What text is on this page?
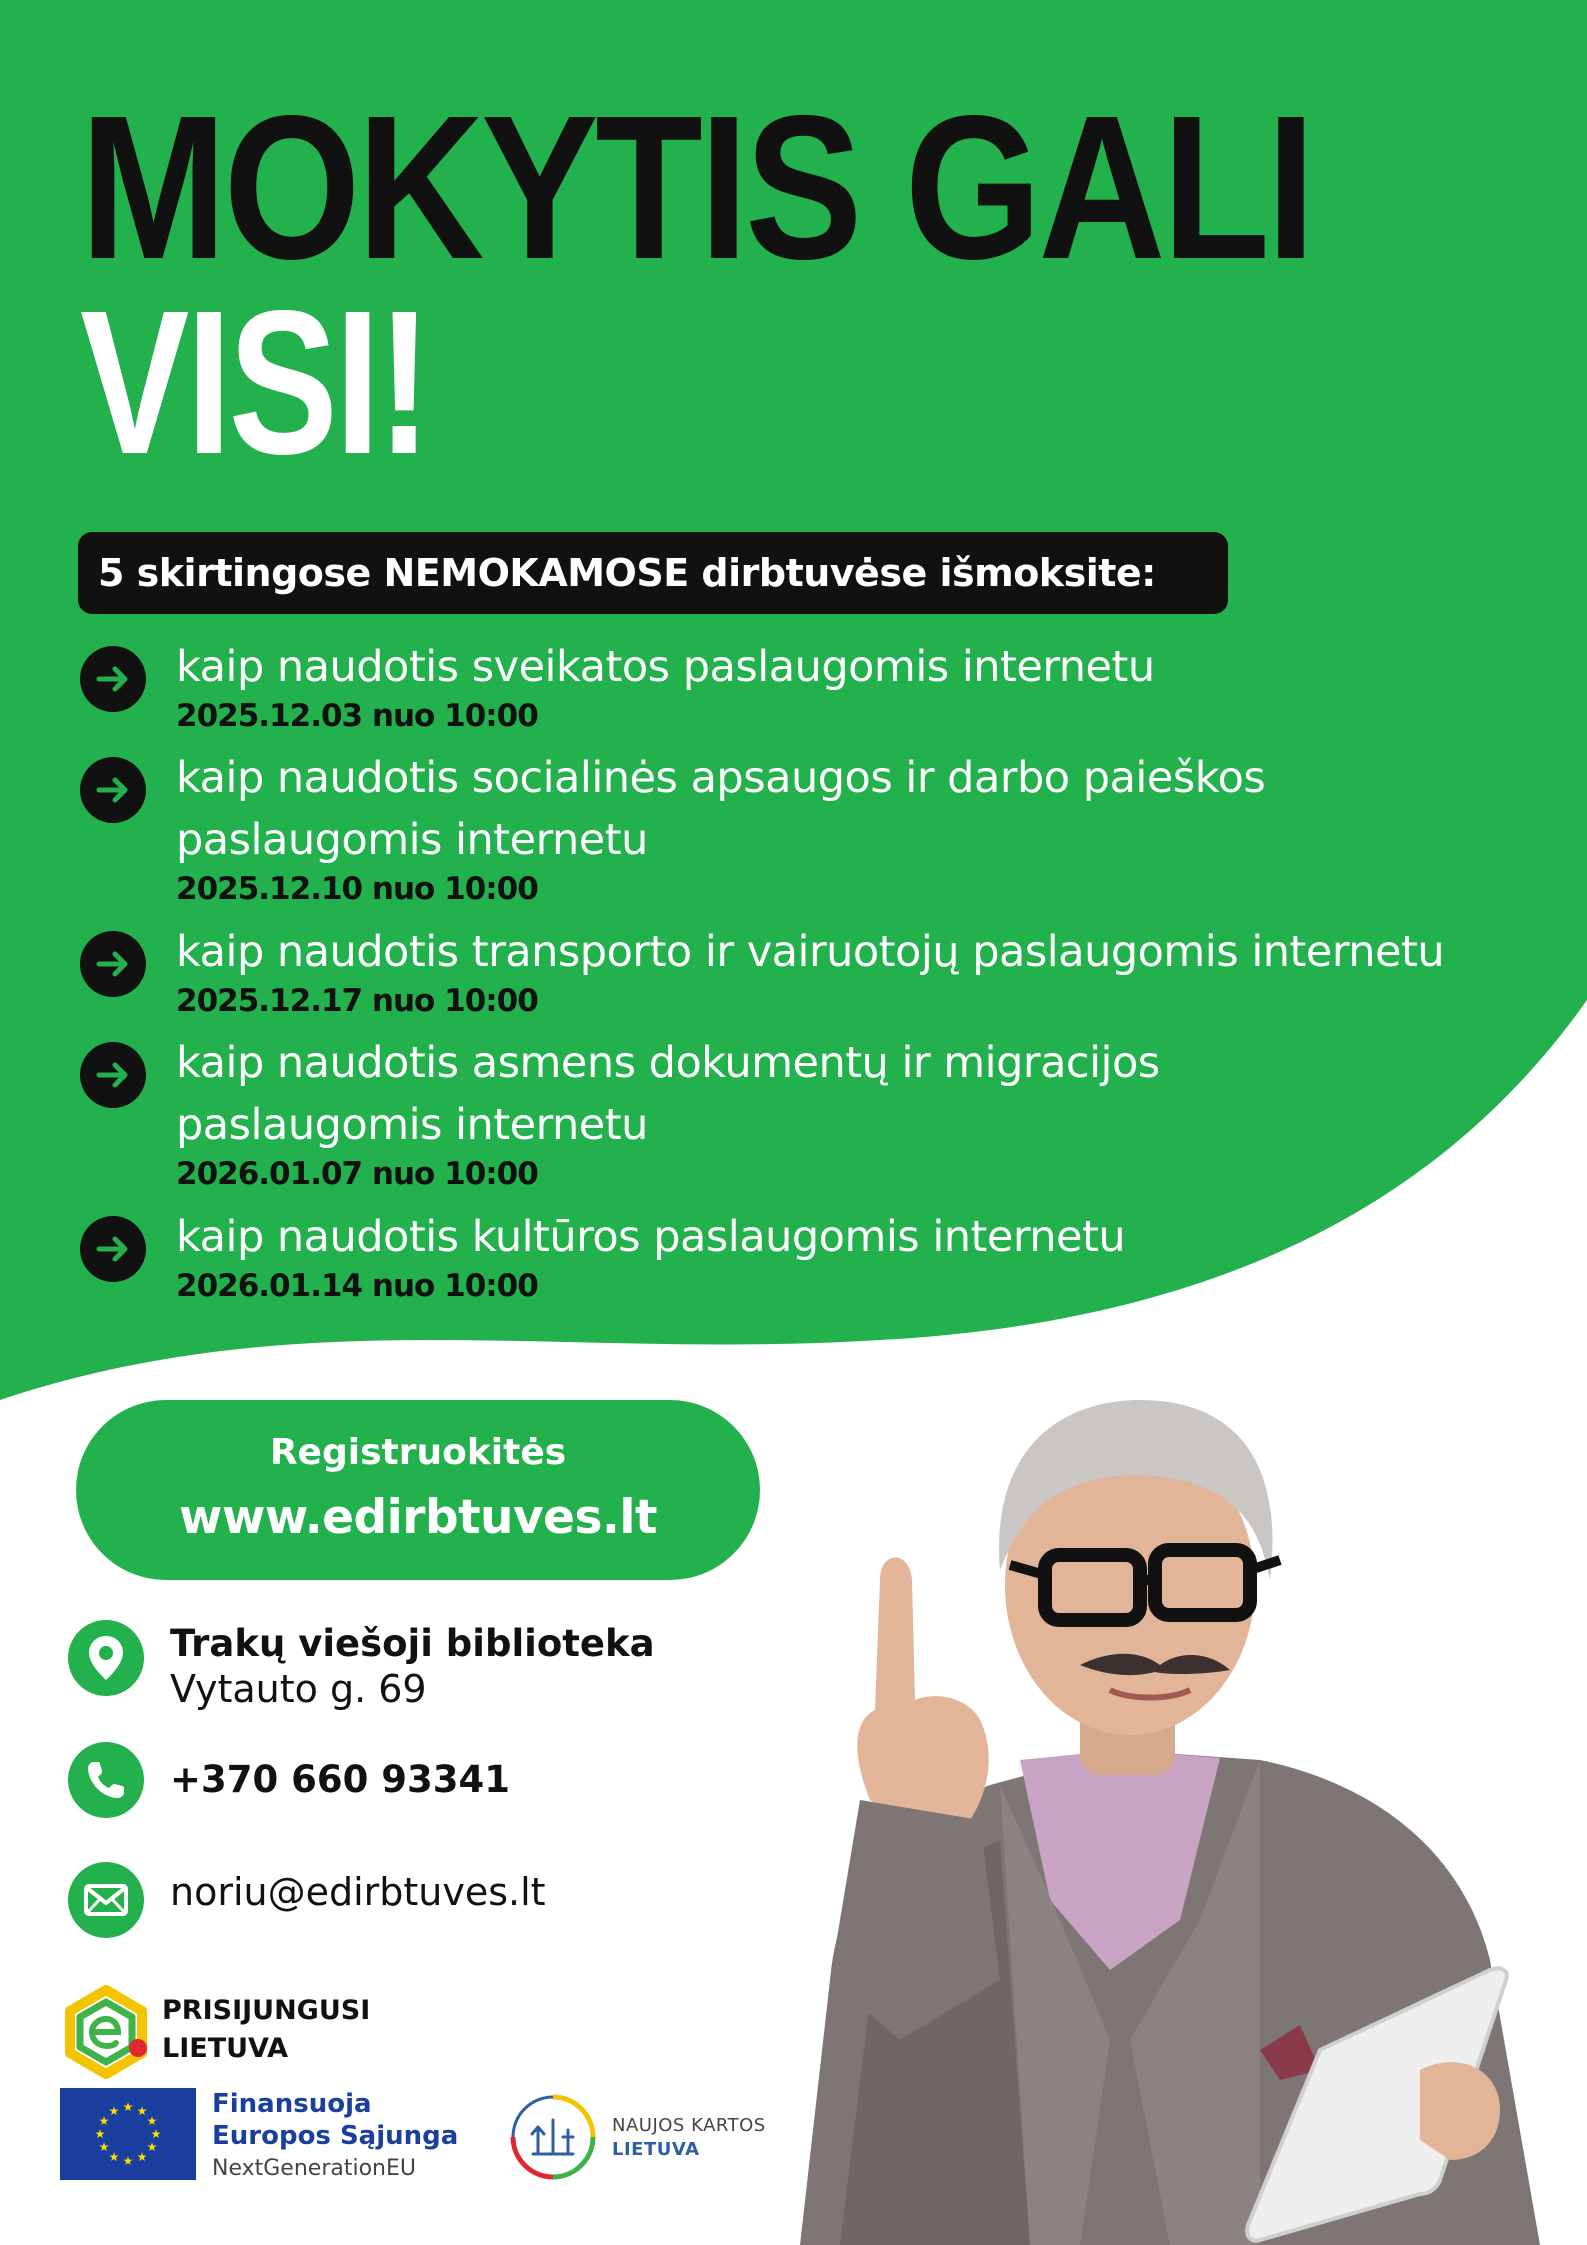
MOKYTIS GALI
VISI!
5 skirtingose NEMOKAMOSE dirbtuvėse išmoksite:
kaip naudotis sveikatos paslaugomis internetu
2025.12.03 nuo 10:00
kaip naudotis socialinės apsaugos ir darbo paieškos paslaugomis internetu
2025.12.10 nuo 10:00
kaip naudotis transporto ir vairuotojų paslaugomis internetu
2025.12.17 nuo 10:00
kaip naudotis asmens dokumentų ir migracijos paslaugomis internetu
2026.01.07 nuo 10:00
kaip naudotis kultūros paslaugomis internetu
2026.01.14 nuo 10:00
Registruokitės
www.edirbtuves.lt
Trakų viešoji biblioteka
Vytauto g. 69
+370 660 93341
noriu@edirbtuves.lt
PRISIJUNGUSI
LIETUVA
★ ★
★
★
★
★
★
★
★
★
★
★	Finansuoja
Europos Sąjunga
NextGenerationEU
NAUJOS KARTOS
LIETUVA
